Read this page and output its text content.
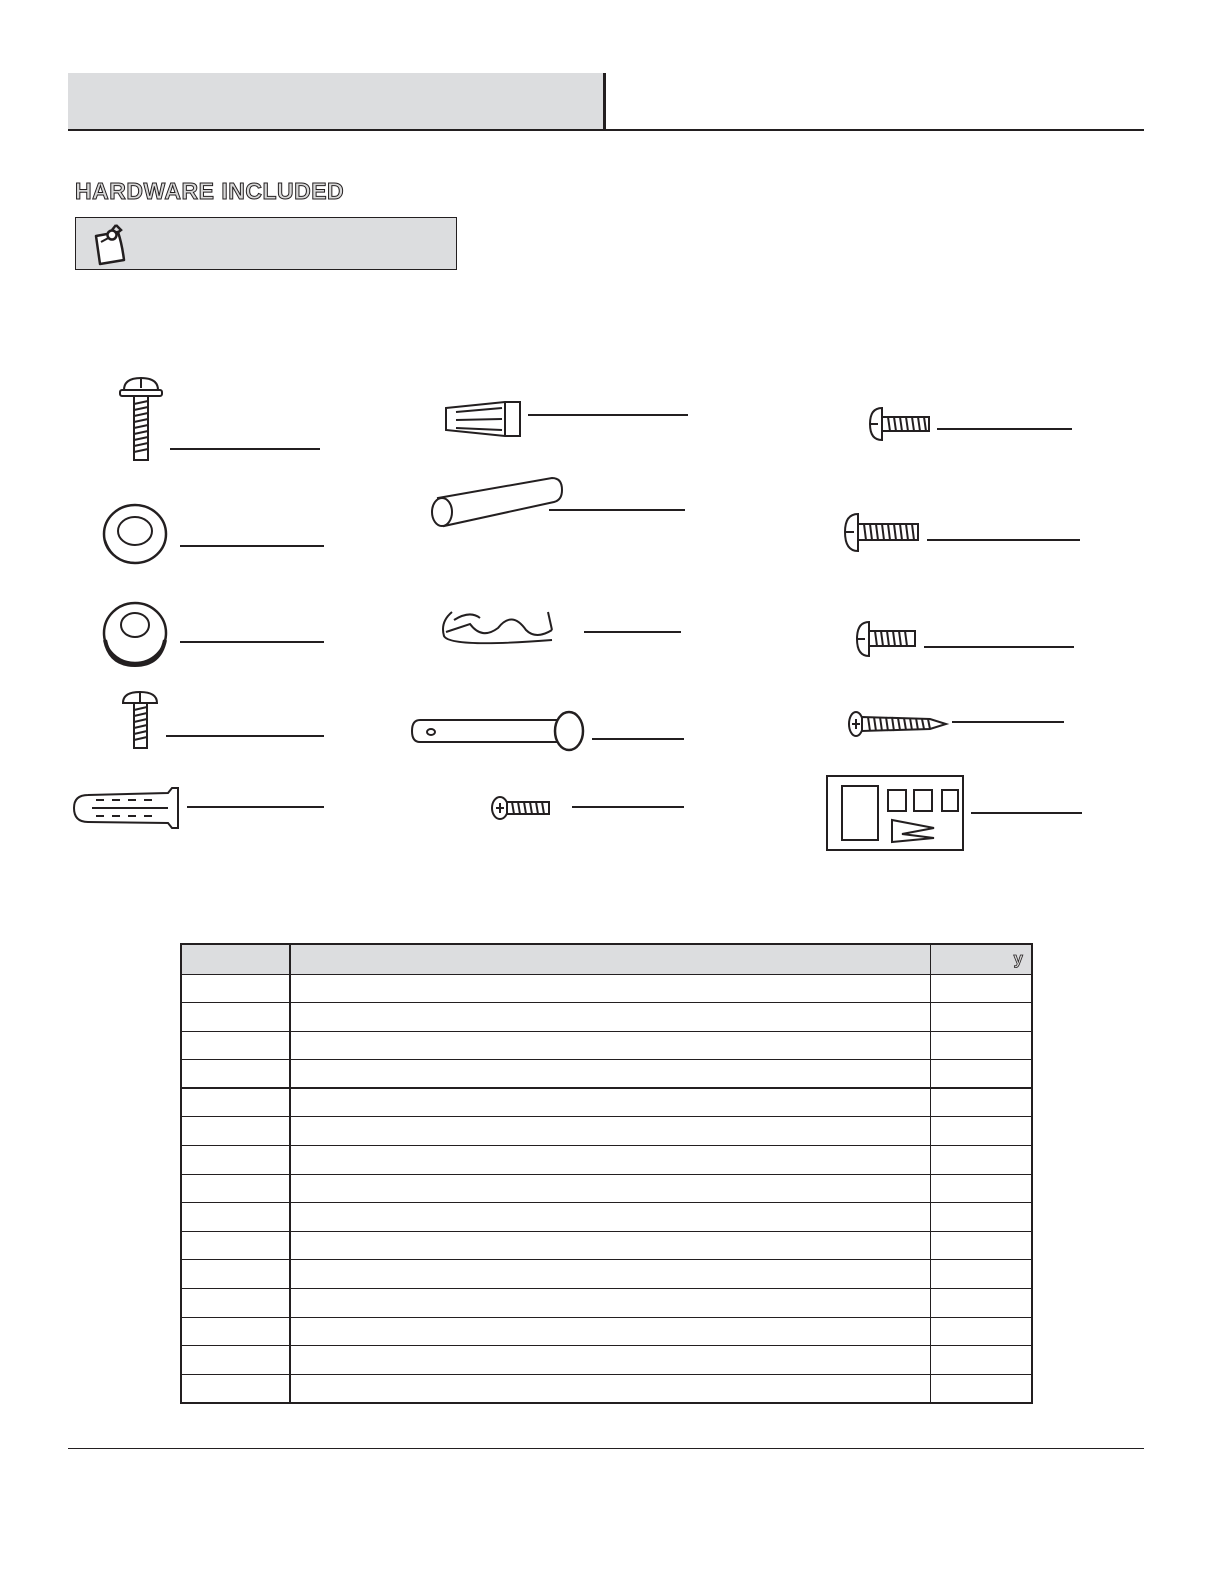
HARDWARE INCLUDED
		y
